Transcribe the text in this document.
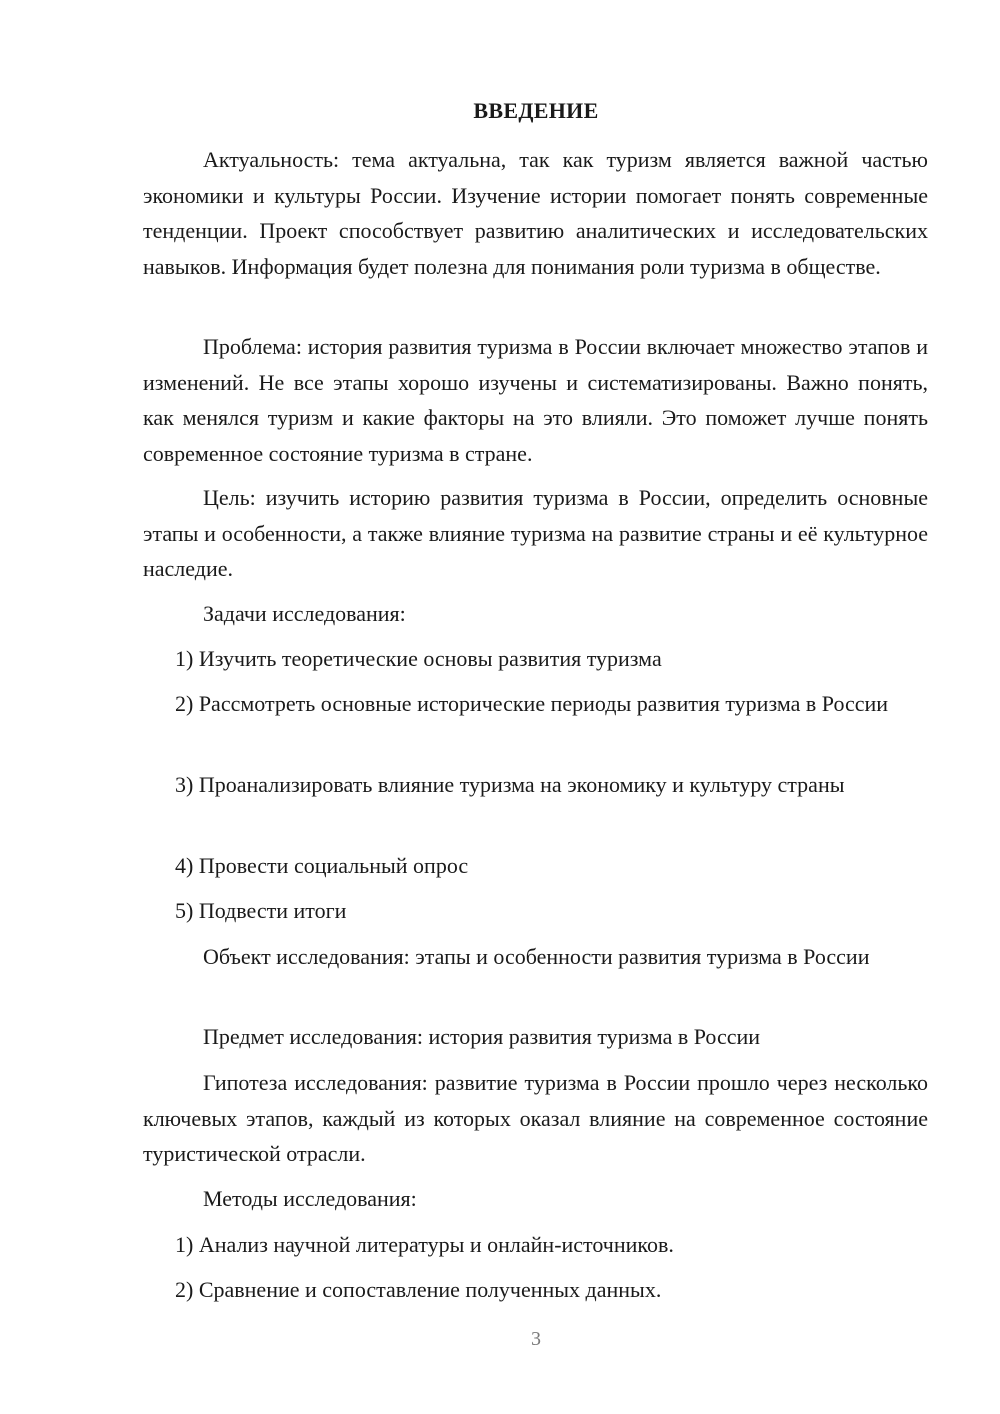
ВВЕДЕНИЕ

Актуальность: тема актуальна, так как туризм является важной частью экономики и культуры России. Изучение истории помогает понять современные тенденции. Проект способствует развитию аналитических и исследовательских навыков. Информация будет полезна для понимания роли туризма в обществе.

Проблема: история развития туризма в России включает множество этапов и изменений. Не все этапы хорошо изучены и систематизированы. Важно понять, как менялся туризм и какие факторы на это влияли. Это поможет лучше понять современное состояние туризма в стране.

Цель: изучить историю развития туризма в России, определить основные этапы и особенности, а также влияние туризма на развитие страны и её культурное наследие.

Задачи исследования:
1) Изучить теоретические основы развития туризма

2) Рассмотреть основные исторические периоды развития туризма в России

3) Проанализировать влияние туризма на экономику и культуру страны

4) Провести социальный опрос
5) Подвести итоги

Объект исследования: этапы и особенности развития туризма в России

Предмет исследования: история развития туризма в России

Гипотеза исследования: развитие туризма в России прошло через несколько ключевых этапов, каждый из которых оказал влияние на современное состояние туристической отрасли.

Методы исследования:
1) Анализ научной литературы и онлайн-источников.
2) Сравнение и сопоставление полученных данных.
3
